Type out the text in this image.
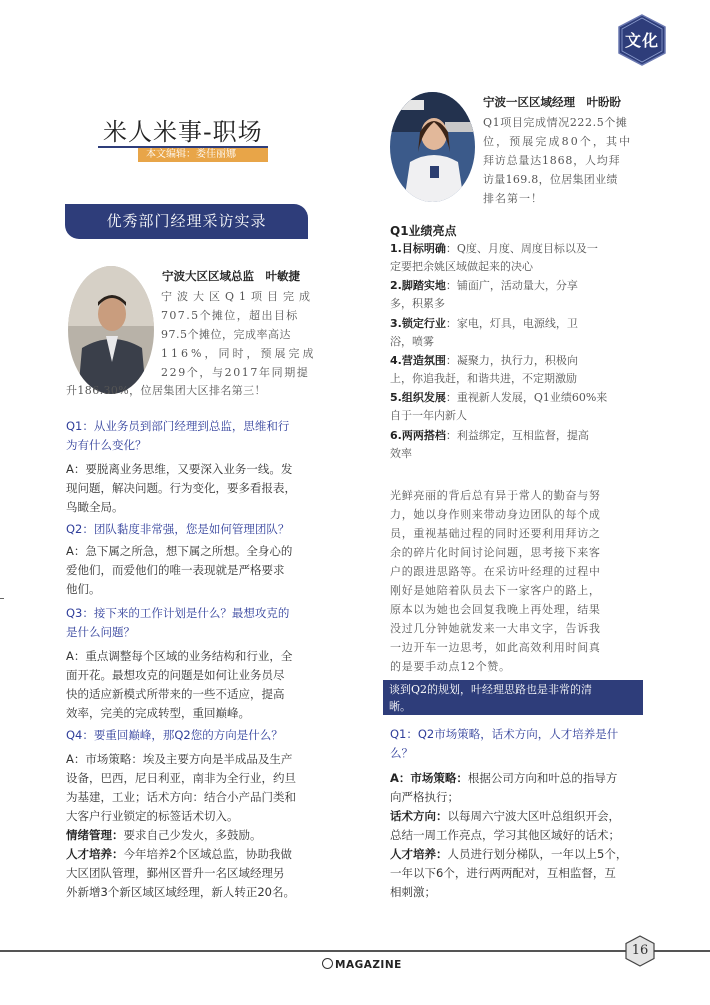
文化
米人米事-职场
本文编辑：娄佳丽娜
优秀部门经理采访实录
宁波大区区域总监　叶敏捷
宁波大区Q1项目完成
707.5个摊位，超出目标
97.5个摊位，完成率高达
116%，同时，预展完成
229个，与2017年同期提
升186.30%，位居集团大区排名第三！
Q1：从业务员到部门经理到总监，思维和行
为有什么变化？
A：要脱离业务思维，又要深入业务一线。发
现问题，解决问题。行为变化，要多看报表，
鸟瞰全局。
Q2：团队黏度非常强，您是如何管理团队？
A：急下属之所急，想下属之所想。全身心的
爱他们，而爱他们的唯一表现就是严格要求
他们。
Q3：接下来的工作计划是什么？最想攻克的
是什么问题？
A：重点调整每个区域的业务结构和行业，全
面开花。最想攻克的问题是如何让业务员尽
快的适应新模式所带来的一些不适应，提高
效率，完美的完成转型，重回巅峰。
Q4：要重回巅峰，那Q2您的方向是什么？
A：市场策略：埃及主要方向是半成品及生产
设备，巴西，尼日利亚，南非为全行业，约旦
为基建，工业；话术方向：结合小产品门类和
大客户行业锁定的标签话术切入。
情绪管理：要求自己少发火，多鼓励。
人才培养：今年培养2个区域总监，协助我做
大区团队管理，鄞州区晋升一名区域经理另
外新增3个新区域区域经理，新人转正20名。
宁波一区区域经理　叶盼盼
Q1项目完成情况222.5个摊
位，预展完成80个，其中
拜访总量达1868，人均拜
访量169.8，位居集团业绩
排名第一！
Q1业绩亮点
1.目标明确：Q度、月度、周度目标以及一
定要把余姚区域做起来的决心
2.脚踏实地：铺面广，活动量大，分享
多，积累多
3.锁定行业：家电，灯具，电源线，卫
浴，喷雾
4.营造氛围：凝聚力，执行力，积极向
上，你追我赶，和谐共进，不定期激励
5.组织发展：重视新人发展，Q1业绩60%来
自于一年内新人
6.两两搭档：利益绑定，互相监督，提高
效率
光鲜亮丽的背后总有异于常人的勤奋与努
力，她以身作则来带动身边团队的每个成
员，重视基础过程的同时还要利用拜访之
余的碎片化时间讨论问题，思考接下来客
户的跟进思路等。在采访叶经理的过程中
刚好是她陪着队员去下一家客户的路上，
原本以为她也会回复我晚上再处理，结果
没过几分钟她就发来一大串文字，告诉我
一边开车一边思考，如此高效利用时间真
的是要手动点12个赞。
谈到Q2的规划，叶经理思路也是非常的清
晰。
Q1：Q2市场策略，话术方向，人才培养是什
么？
A：市场策略：根据公司方向和叶总的指导方
向严格执行；
话术方向：以每周六宁波大区叶总组织开会，
总结一周工作亮点，学习其他区域好的话术；
人才培养：人员进行划分梯队，一年以上5个，
一年以下6个，进行两两配对，互相监督，互
相刺激；
MAGAZINE
16
